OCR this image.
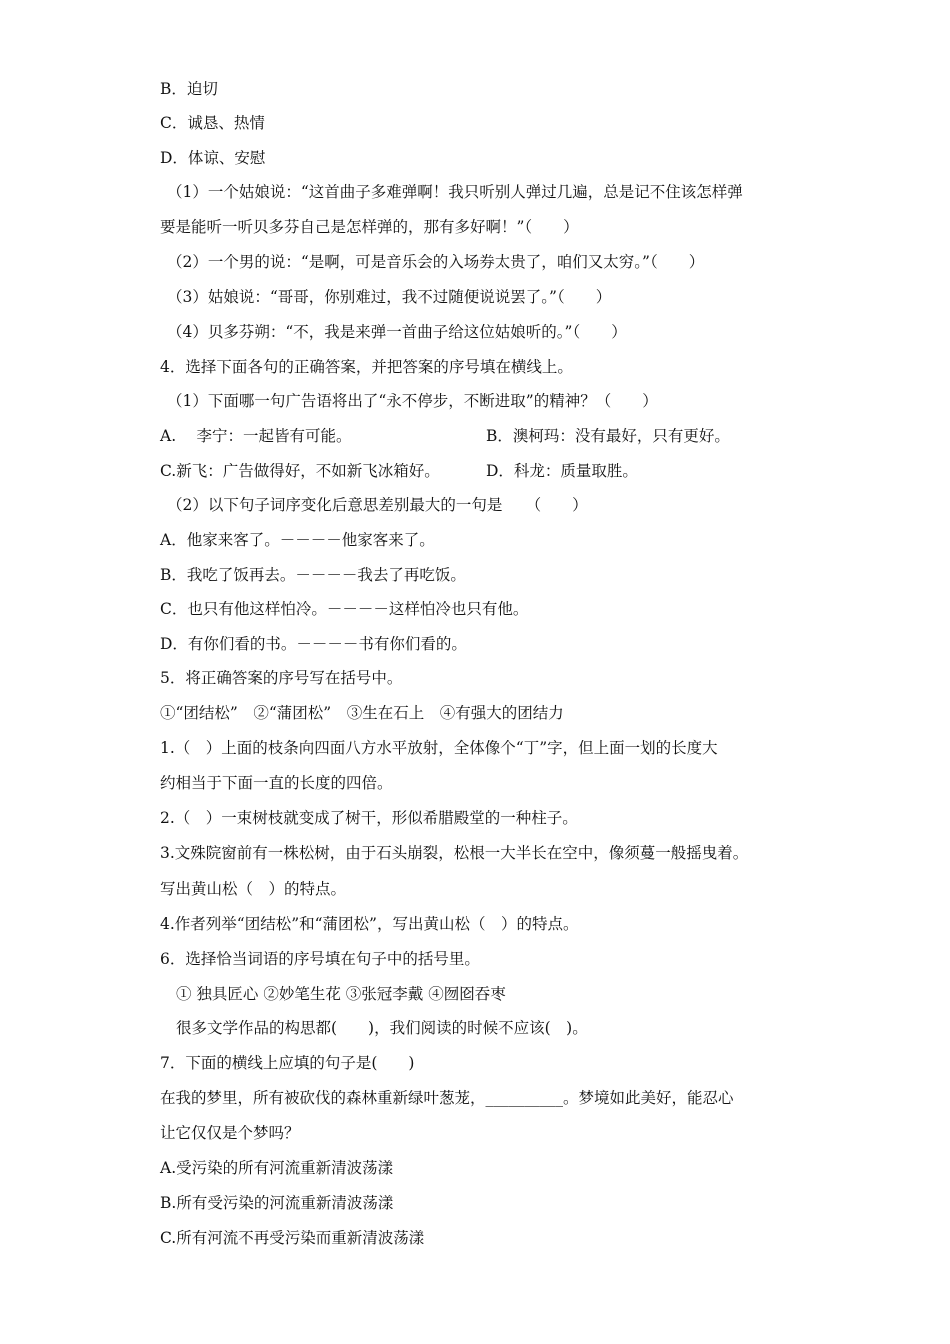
B．迫切
C．诚恳、热情
D．体谅、安慰
（1）一个姑娘说：“这首曲子多难弹啊！我只听别人弹过几遍，总是记不住该怎样弹
要是能听一听贝多芬自己是怎样弹的，那有多好啊！”（　　）
（2）一个男的说：“是啊，可是音乐会的入场券太贵了，咱们又太穷。”（　　）
（3）姑娘说：“哥哥，你别难过，我不过随便说说罢了。”（　　）
（4）贝多芬朔：“不，我是来弹一首曲子给这位姑娘听的。”（　　）
4．选择下面各句的正确答案，并把答案的序号填在横线上。
（1）下面哪一句广告语将出了“永不停步，不断进取”的精神？（　　）
A.　 李宁：一起皆有可能。	B．澳柯玛：没有最好，只有更好。
C.新飞：广告做得好，不如新飞冰箱好。	D．科龙：质量取胜。
（2）以下句子词序变化后意思差别最大的一句是　　（　　）
A．他家来客了。－－－－他家客来了。
B．我吃了饭再去。－－－－我去了再吃饭。
C．也只有他这样怕冷。－－－－这样怕冷也只有他。
D．有你们看的书。－－－－书有你们看的。
5．将正确答案的序号写在括号中。
①“团结松”　②“蒲团松”　③生在石上　④有强大的团结力
1.（　）上面的枝条向四面八方水平放射，全体像个“丁”字，但上面一划的长度大
约相当于下面一直的长度的四倍。
2.（　）一束树枝就变成了树干，形似希腊殿堂的一种柱子。
3.文殊院窗前有一株松树，由于石头崩裂，松根一大半长在空中，像须蔓一般摇曳着。
写出黄山松（　）的特点。
4.作者列举“团结松”和“蒲团松”，写出黄山松（　）的特点。
6．选择恰当词语的序号填在句子中的括号里。
① 独具匠心 ②妙笔生花 ③张冠李戴 ④囫囵吞枣
很多文学作品的构思都(　　)，我们阅读的时候不应该(　)。
7．下面的横线上应填的句子是(　　)
在我的梦里，所有被砍伐的森林重新绿叶葱茏，__________。梦境如此美好，能忍心
让它仅仅是个梦吗？
A.受污染的所有河流重新清波荡漾
B.所有受污染的河流重新清波荡漾
C.所有河流不再受污染而重新清波荡漾
